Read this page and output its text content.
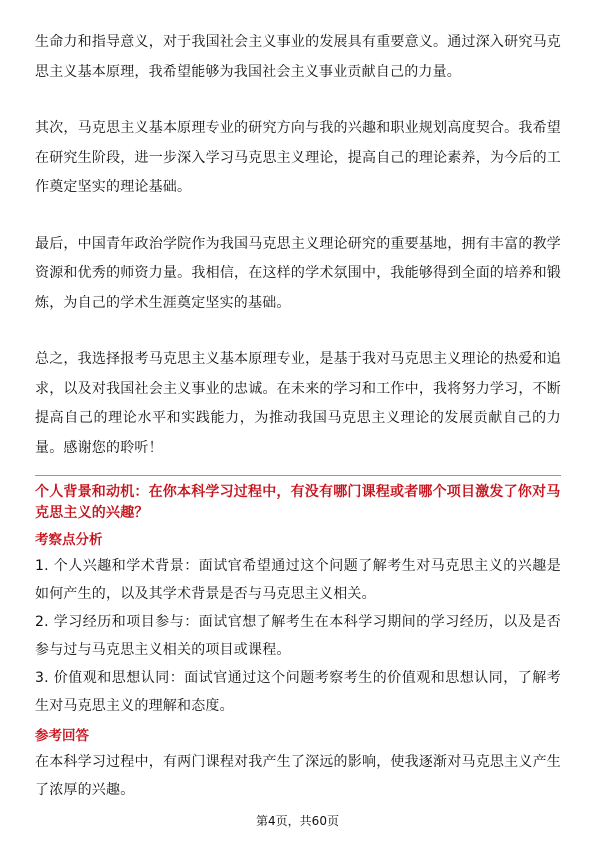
生命力和指导意义，对于我国社会主义事业的发展具有重要意义。通过深入研究马克思主义基本原理，我希望能够为我国社会主义事业贡献自己的力量。

其次，马克思主义基本原理专业的研究方向与我的兴趣和职业规划高度契合。我希望在研究生阶段，进一步深入学习马克思主义理论，提高自己的理论素养，为今后的工作奠定坚实的理论基础。

最后，中国青年政治学院作为我国马克思主义理论研究的重要基地，拥有丰富的教学资源和优秀的师资力量。我相信，在这样的学术氛围中，我能够得到全面的培养和锻炼，为自己的学术生涯奠定坚实的基础。

总之，我选择报考马克思主义基本原理专业，是基于我对马克思主义理论的热爱和追求，以及对我国社会主义事业的忠诚。在未来的学习和工作中，我将努力学习，不断提高自己的理论水平和实践能力，为推动我国马克思主义理论的发展贡献自己的力量。感谢您的聆听！

个人背景和动机：在你本科学习过程中，有没有哪门课程或者哪个项目激发了你对马克思主义的兴趣？

考察点分析

1. 个人兴趣和学术背景：面试官希望通过这个问题了解考生对马克思主义的兴趣是如何产生的，以及其学术背景是否与马克思主义相关。

2. 学习经历和项目参与：面试官想了解考生在本科学习期间的学习经历，以及是否参与过与马克思主义相关的项目或课程。

3. 价值观和思想认同：面试官通过这个问题考察考生的价值观和思想认同，了解考生对马克思主义的理解和态度。

参考回答

在本科学习过程中，有两门课程对我产生了深远的影响，使我逐渐对马克思主义产生了浓厚的兴趣。

第4页，共60页
